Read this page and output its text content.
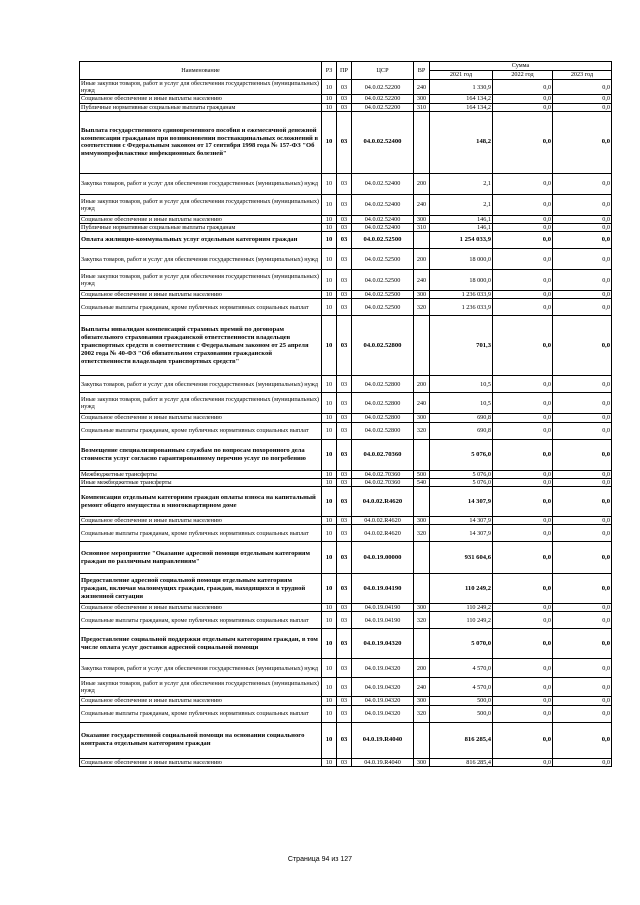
Наименование	РЗ	ПР	ЦСР	ВР	Сумма		
					2021 год	2022 год	2023 год
Иные закупки товаров, работ и услуг для обеспечения государственных (муниципальных) нужд	10	03	04.0.02.52200	240	1 330,9	0,0	0,0
Социальное обеспечение и иные выплаты населению	10	03	04.0.02.52200	300	164 134,2	0,0	0,0
Публичные нормативные социальные выплаты гражданам	10	03	04.0.02.52200	310	164 134,2	0,0	0,0
Выплата государственного единовременного пособия и ежемесячной денежной компенсации гражданам при возникновении поствакцинальных осложнений в соответствии с Федеральным законом от 17 сентября 1998 года № 157-ФЗ "Об иммунопрофилактике инфекционных болезней"	10	03	04.0.02.52400		148,2	0,0	0,0
Закупка товаров, работ и услуг для обеспечения государственных (муниципальных) нужд	10	03	04.0.02.52400	200	2,1	0,0	0,0
Иные закупки товаров, работ и услуг для обеспечения государственных (муниципальных) нужд	10	03	04.0.02.52400	240	2,1	0,0	0,0
Социальное обеспечение и иные выплаты населению	10	03	04.0.02.52400	300	146,1	0,0	0,0
Публичные нормативные социальные выплаты гражданам	10	03	04.0.02.52400	310	146,1	0,0	0,0
Оплата жилищно-коммунальных услуг отдельным категориям граждан	10	03	04.0.02.52500		1 254 033,9	0,0	0,0
Закупка товаров, работ и услуг для обеспечения государственных (муниципальных) нужд	10	03	04.0.02.52500	200	18 000,0	0,0	0,0
Иные закупки товаров, работ и услуг для обеспечения государственных (муниципальных) нужд	10	03	04.0.02.52500	240	18 000,0	0,0	0,0
Социальное обеспечение и иные выплаты населению	10	03	04.0.02.52500	300	1 236 033,9	0,0	0,0
Социальные выплаты гражданам, кроме публичных нормативных социальных выплат	10	03	04.0.02.52500	320	1 236 033,9	0,0	0,0
Выплаты инвалидам компенсаций страховых премий по договорам обязательного страхования гражданской ответственности владельцев транспортных средств в соответствии с Федеральным законом от 25 апреля 2002 года № 40-ФЗ "Об обязательном страховании гражданской ответственности владельцев транспортных средств"	10	03	04.0.02.52800		701,3	0,0	0,0
Закупка товаров, работ и услуг для обеспечения государственных (муниципальных) нужд	10	03	04.0.02.52800	200	10,5	0,0	0,0
Иные закупки товаров, работ и услуг для обеспечения государственных (муниципальных) нужд	10	03	04.0.02.52800	240	10,5	0,0	0,0
Социальное обеспечение и иные выплаты населению	10	03	04.0.02.52800	300	690,8	0,0	0,0
Социальные выплаты гражданам, кроме публичных нормативных социальных выплат	10	03	04.0.02.52800	320	690,8	0,0	0,0
Возмещение специализированным службам по вопросам похоронного дела стоимости услуг согласно гарантированному перечню услуг по погребению	10	03	04.0.02.70360		5 076,0	0,0	0,0
Межбюджетные трансферты	10	03	04.0.02.70360	500	5 076,0	0,0	0,0
Иные межбюджетные трансферты	10	03	04.0.02.70360	540	5 076,0	0,0	0,0
Компенсация отдельным категориям граждан оплаты взноса на капитальный ремонт общего имущества в многоквартирном доме	10	03	04.0.02.R4620		14 307,9	0,0	0,0
Социальное обеспечение и иные выплаты населению	10	03	04.0.02.R4620	300	14 307,9	0,0	0,0
Социальные выплаты гражданам, кроме публичных нормативных социальных выплат	10	03	04.0.02.R4620	320	14 307,9	0,0	0,0
Основное мероприятие "Оказание адресной помощи отдельным категориям граждан по различным направлениям"	10	03	04.0.19.00000		931 604,6	0,0	0,0
Предоставление адресной социальной помощи отдельным категориям граждан, включая малоимущих граждан, граждан, находящихся в трудной жизненной ситуации	10	03	04.0.19.04190		110 249,2	0,0	0,0
Социальное обеспечение и иные выплаты населению	10	03	04.0.19.04190	300	110 249,2	0,0	0,0
Социальные выплаты гражданам, кроме публичных нормативных социальных выплат	10	03	04.0.19.04190	320	110 249,2	0,0	0,0
Предоставление социальной поддержки отдельным категориям граждан, в том числе оплата услуг доставки адресной социальной помощи	10	03	04.0.19.04320		5 070,0	0,0	0,0
Закупка товаров, работ и услуг для обеспечения государственных (муниципальных) нужд	10	03	04.0.19.04320	200	4 570,0	0,0	0,0
Иные закупки товаров, работ и услуг для обеспечения государственных (муниципальных) нужд	10	03	04.0.19.04320	240	4 570,0	0,0	0,0
Социальное обеспечение и иные выплаты населению	10	03	04.0.19.04320	300	500,0	0,0	0,0
Социальные выплаты гражданам, кроме публичных нормативных социальных выплат	10	03	04.0.19.04320	320	500,0	0,0	0,0
Оказание государственной социальной помощи на основании социального контракта отдельным категориям граждан	10	03	04.0.19.R4040		816 285,4	0,0	0,0
Социальное обеспечение и иные выплаты населению	10	03	04.0.19.R4040	300	816 285,4	0,0	0,0
Страница 94 из 127
